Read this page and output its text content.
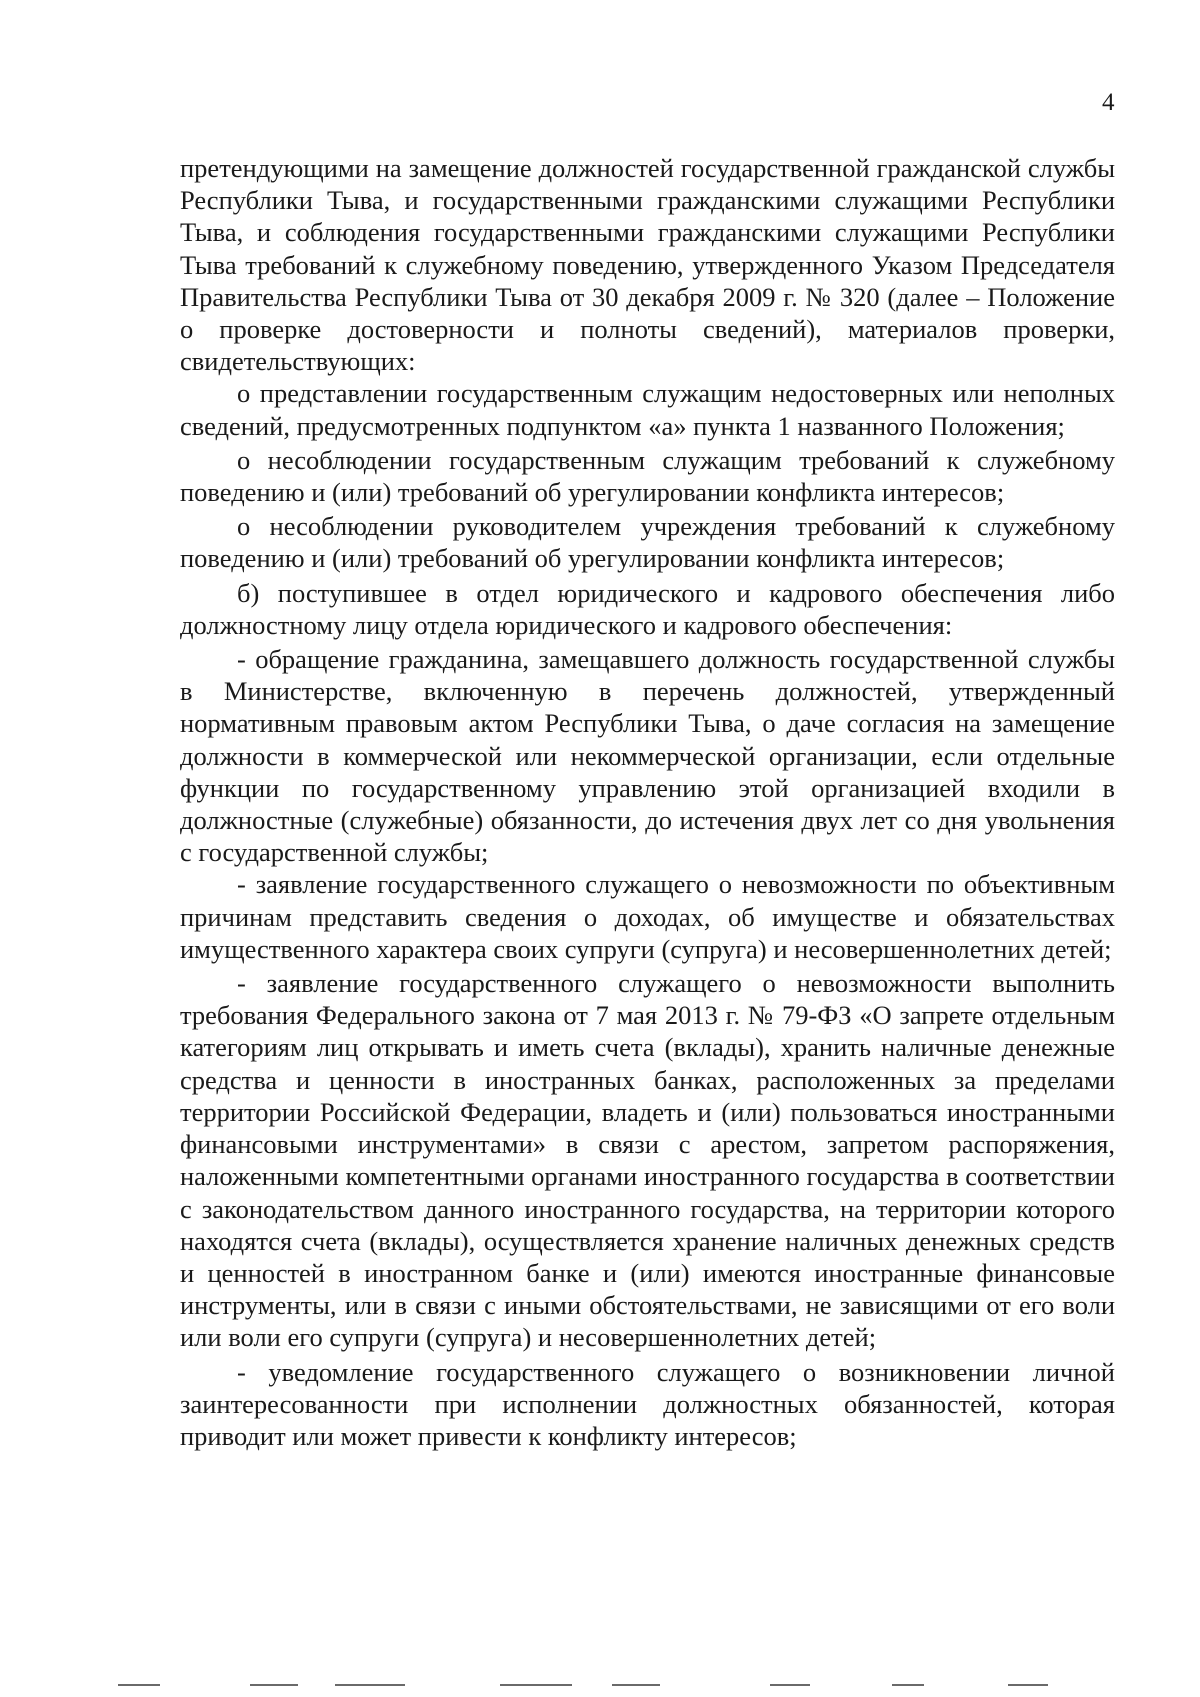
4

претендующими на замещение должностей государственной гражданской службы Республики Тыва, и государственными гражданскими служащими Республики Тыва, и соблюдения государственными гражданскими служащими Республики Тыва требований к служебному поведению, утвержденного Указом Председателя Правительства Республики Тыва от 30 декабря 2009 г. № 320 (далее – Положение о проверке достоверности и полноты сведений), материалов проверки, свидетельствующих:

о представлении государственным служащим недостоверных или неполных сведений, предусмотренных подпунктом «а» пункта 1 названного Положения;

о несоблюдении государственным служащим требований к служебному поведению и (или) требований об урегулировании конфликта интересов;

о несоблюдении руководителем учреждения требований к служебному поведению и (или) требований об урегулировании конфликта интересов;

б) поступившее в отдел юридического и кадрового обеспечения либо должностному лицу отдела юридического и кадрового обеспечения:

- обращение гражданина, замещавшего должность государственной службы в Министерстве, включенную в перечень должностей, утвержденный нормативным правовым актом Республики Тыва, о даче согласия на замещение должности в коммерческой или некоммерческой организации, если отдельные функции по государственному управлению этой организацией входили в должностные (служебные) обязанности, до истечения двух лет со дня увольнения с государственной службы;

- заявление государственного служащего о невозможности по объективным причинам представить сведения о доходах, об имуществе и обязательствах имущественного характера своих супруги (супруга) и несовершеннолетних детей;

- заявление государственного служащего о невозможности выполнить требования Федерального закона от 7 мая 2013 г. № 79-ФЗ «О запрете отдельным категориям лиц открывать и иметь счета (вклады), хранить наличные денежные средства и ценности в иностранных банках, расположенных за пределами территории Российской Федерации, владеть и (или) пользоваться иностранными финансовыми инструментами» в связи с арестом, запретом распоряжения, наложенными компетентными органами иностранного государства в соответствии с законодательством данного иностранного государства, на территории которого находятся счета (вклады), осуществляется хранение наличных денежных средств и ценностей в иностранном банке и (или) имеются иностранные финансовые инструменты, или в связи с иными обстоятельствами, не зависящими от его воли или воли его супруги (супруга) и несовершеннолетних детей;

- уведомление государственного служащего о возникновении личной заинтересованности при исполнении должностных обязанностей, которая приводит или может привести к конфликту интересов;
